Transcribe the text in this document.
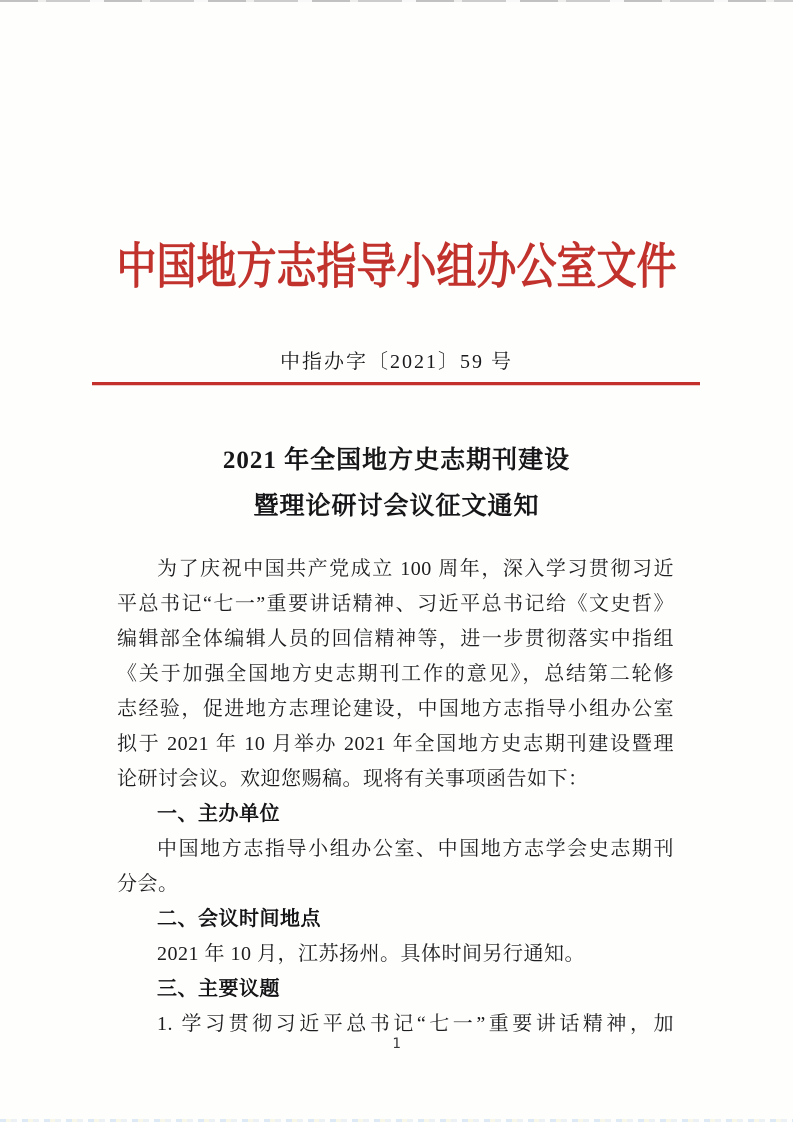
中国地方志指导小组办公室文件
中指办字〔2021〕59 号
2021 年全国地方史志期刊建设
暨理论研讨会议征文通知
为了庆祝中国共产党成立 100 周年，深入学习贯彻习近
平总书记“七一”重要讲话精神、习近平总书记给《文史哲》
编辑部全体编辑人员的回信精神等，进一步贯彻落实中指组
《关于加强全国地方史志期刊工作的意见》，总结第二轮修
志经验，促进地方志理论建设，中国地方志指导小组办公室
拟于 2021 年 10 月举办 2021 年全国地方史志期刊建设暨理
论研讨会议。欢迎您赐稿。现将有关事项函告如下：
一、主办单位
中国地方志指导小组办公室、中国地方志学会史志期刊
分会。
二、会议时间地点
2021 年 10 月，江苏扬州。具体时间另行通知。
三、主要议题
1. 学习贯彻习近平总书记“七一”重要讲话精神，加
1
